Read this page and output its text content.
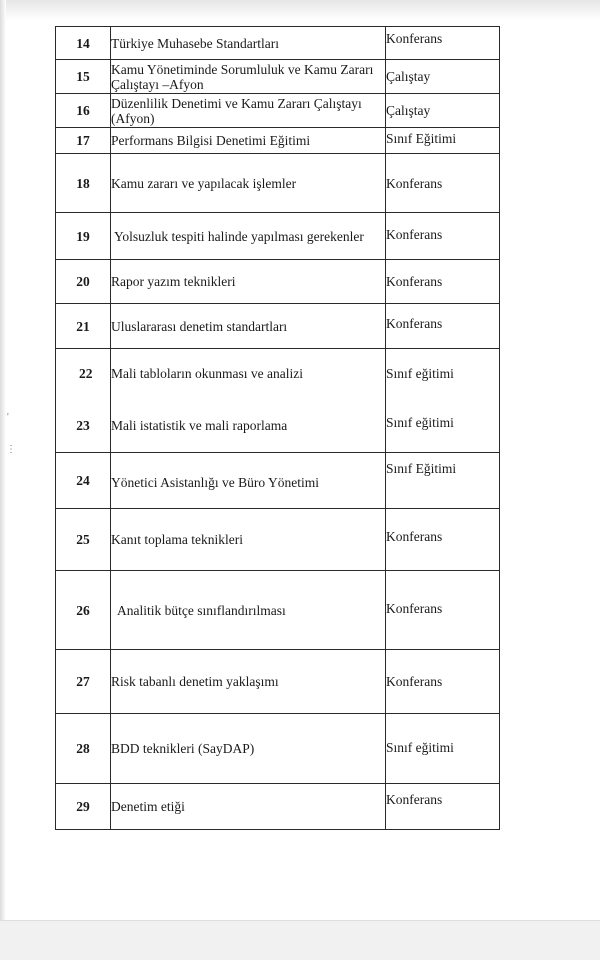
'
⋮
14	Türkiye Muhasebe Standartları	Konferans
15	Kamu Yönetiminde Sorumluluk ve Kamu Zararı Çalıştayı –Afyon	Çalıştay
16	Düzenlilik Denetimi ve Kamu Zararı Çalıştayı (Afyon)	Çalıştay
17	Performans Bilgisi Denetimi Eğitimi	Sınıf Eğitimi
18	Kamu zararı ve yapılacak işlemler	Konferans
19	Yolsuzluk tespiti halinde yapılması gerekenler	Konferans
20	Rapor yazım teknikleri	Konferans
21	Uluslararası denetim standartları	Konferans
22	Mali tabloların okunması ve analizi	Sınıf eğitimi
23	Mali istatistik ve mali raporlama	Sınıf eğitimi
24	Yönetici Asistanlığı ve Büro Yönetimi	Sınıf Eğitimi
25	Kanıt toplama teknikleri	Konferans
26	Analitik bütçe sınıflandırılması	Konferans
27	Risk tabanlı denetim yaklaşımı	Konferans
28	BDD teknikleri (SayDAP)	Sınıf eğitimi
29	Denetim etiği	Konferans
